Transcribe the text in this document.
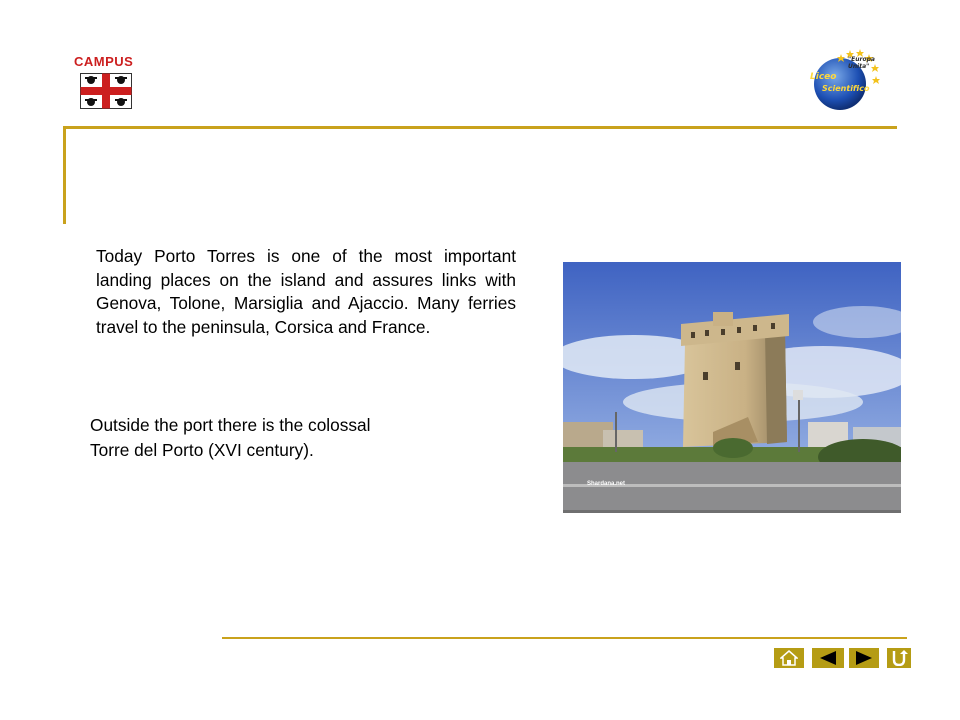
CAMPUS	"Europa Unita"
Liceo
Scientifico
Today Porto Torres is one of the most important landing places on the island and assures links with Genova, Tolone, Marsiglia and Ajaccio. Many ferries travel to the peninsula, Corsica and France.
Outside the port there is the colossal
Torre del Porto (XVI century).
Shardana.net
